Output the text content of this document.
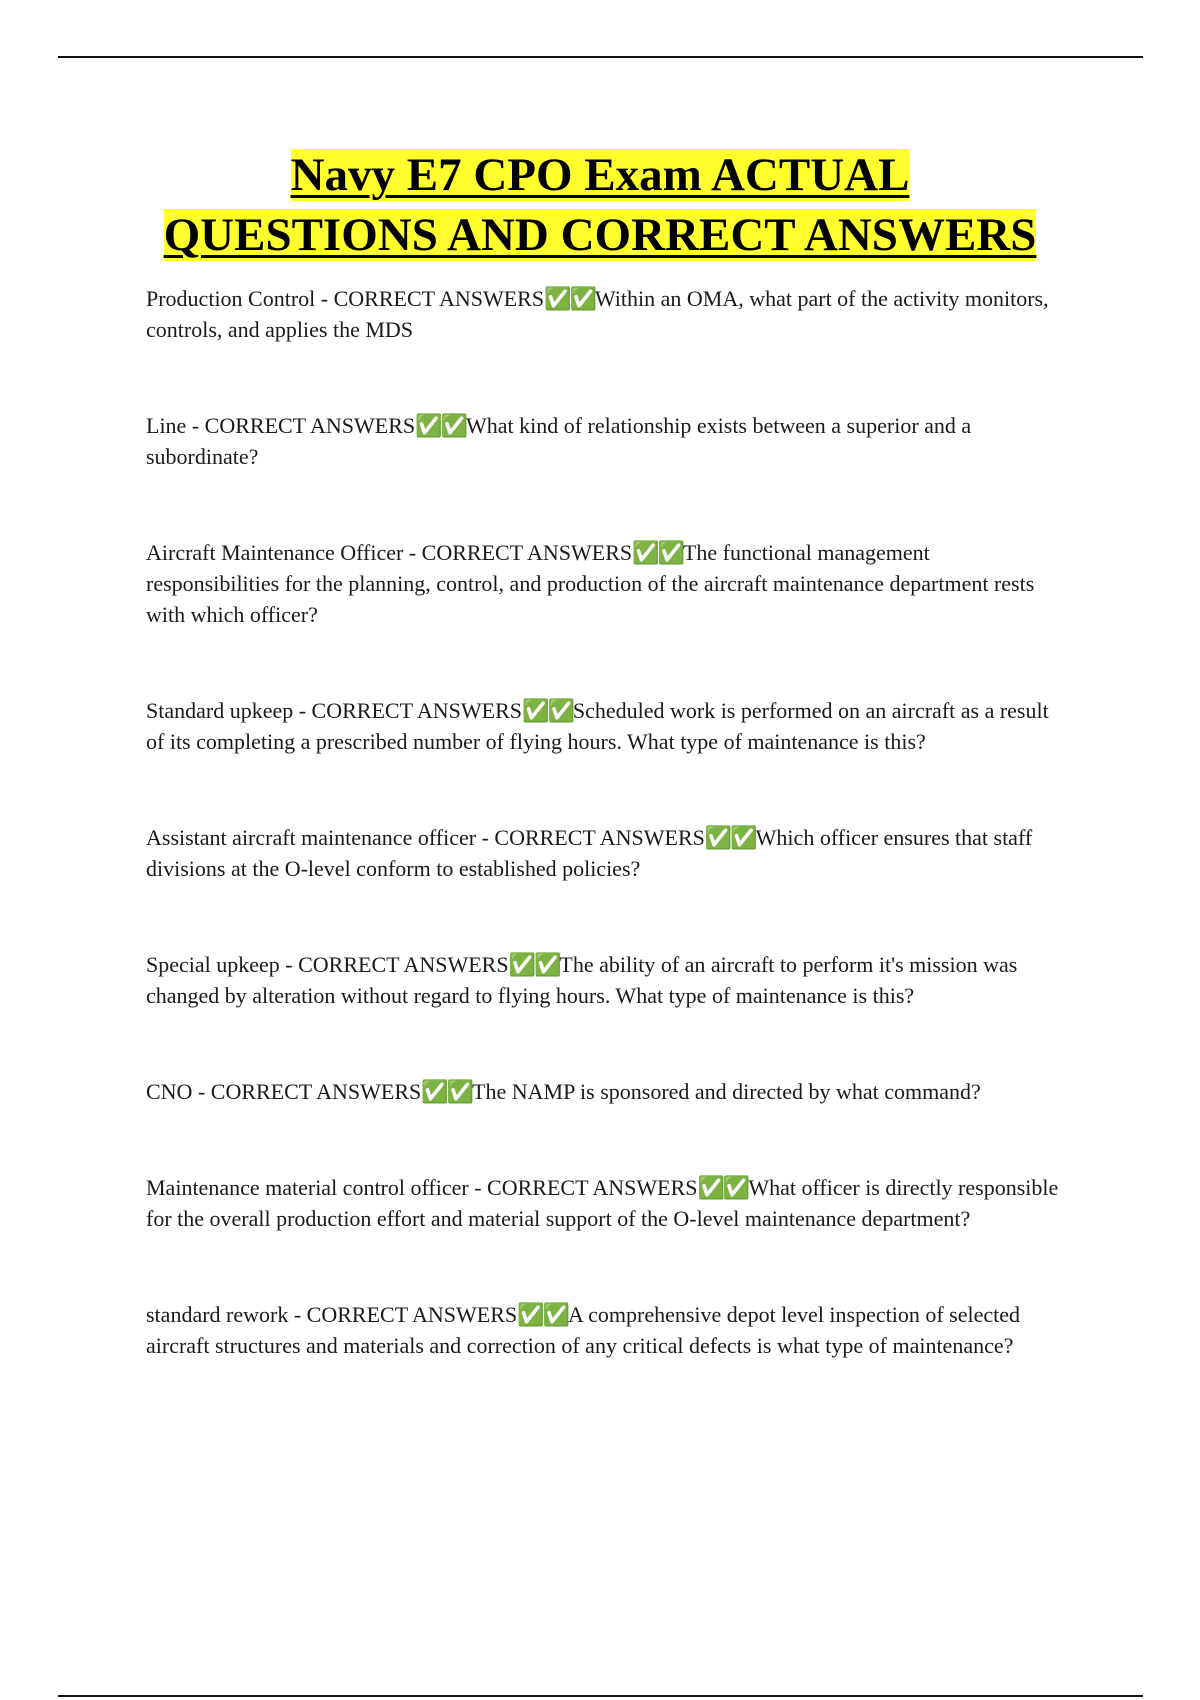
Navy E7 CPO Exam ACTUAL
QUESTIONS AND CORRECT ANSWERS

Production Control - CORRECT ANSWERS✅✅Within an OMA, what part of the activity monitors, controls, and applies the MDS

Line - CORRECT ANSWERS✅✅What kind of relationship exists between a superior and a subordinate?

Aircraft Maintenance Officer - CORRECT ANSWERS✅✅The functional management responsibilities for the planning, control, and production of the aircraft maintenance department rests with which officer?

Standard upkeep - CORRECT ANSWERS✅✅Scheduled work is performed on an aircraft as a result of its completing a prescribed number of flying hours. What type of maintenance is this?

Assistant aircraft maintenance officer - CORRECT ANSWERS✅✅Which officer ensures that staff divisions at the O-level conform to established policies?

Special upkeep - CORRECT ANSWERS✅✅The ability of an aircraft to perform it's mission was changed by alteration without regard to flying hours. What type of maintenance is this?

CNO - CORRECT ANSWERS✅✅The NAMP is sponsored and directed by what command?

Maintenance material control officer - CORRECT ANSWERS✅✅What officer is directly responsible for the overall production effort and material support of the O-level maintenance department?

standard rework - CORRECT ANSWERS✅✅A comprehensive depot level inspection of selected aircraft structures and materials and correction of any critical defects is what type of maintenance?
